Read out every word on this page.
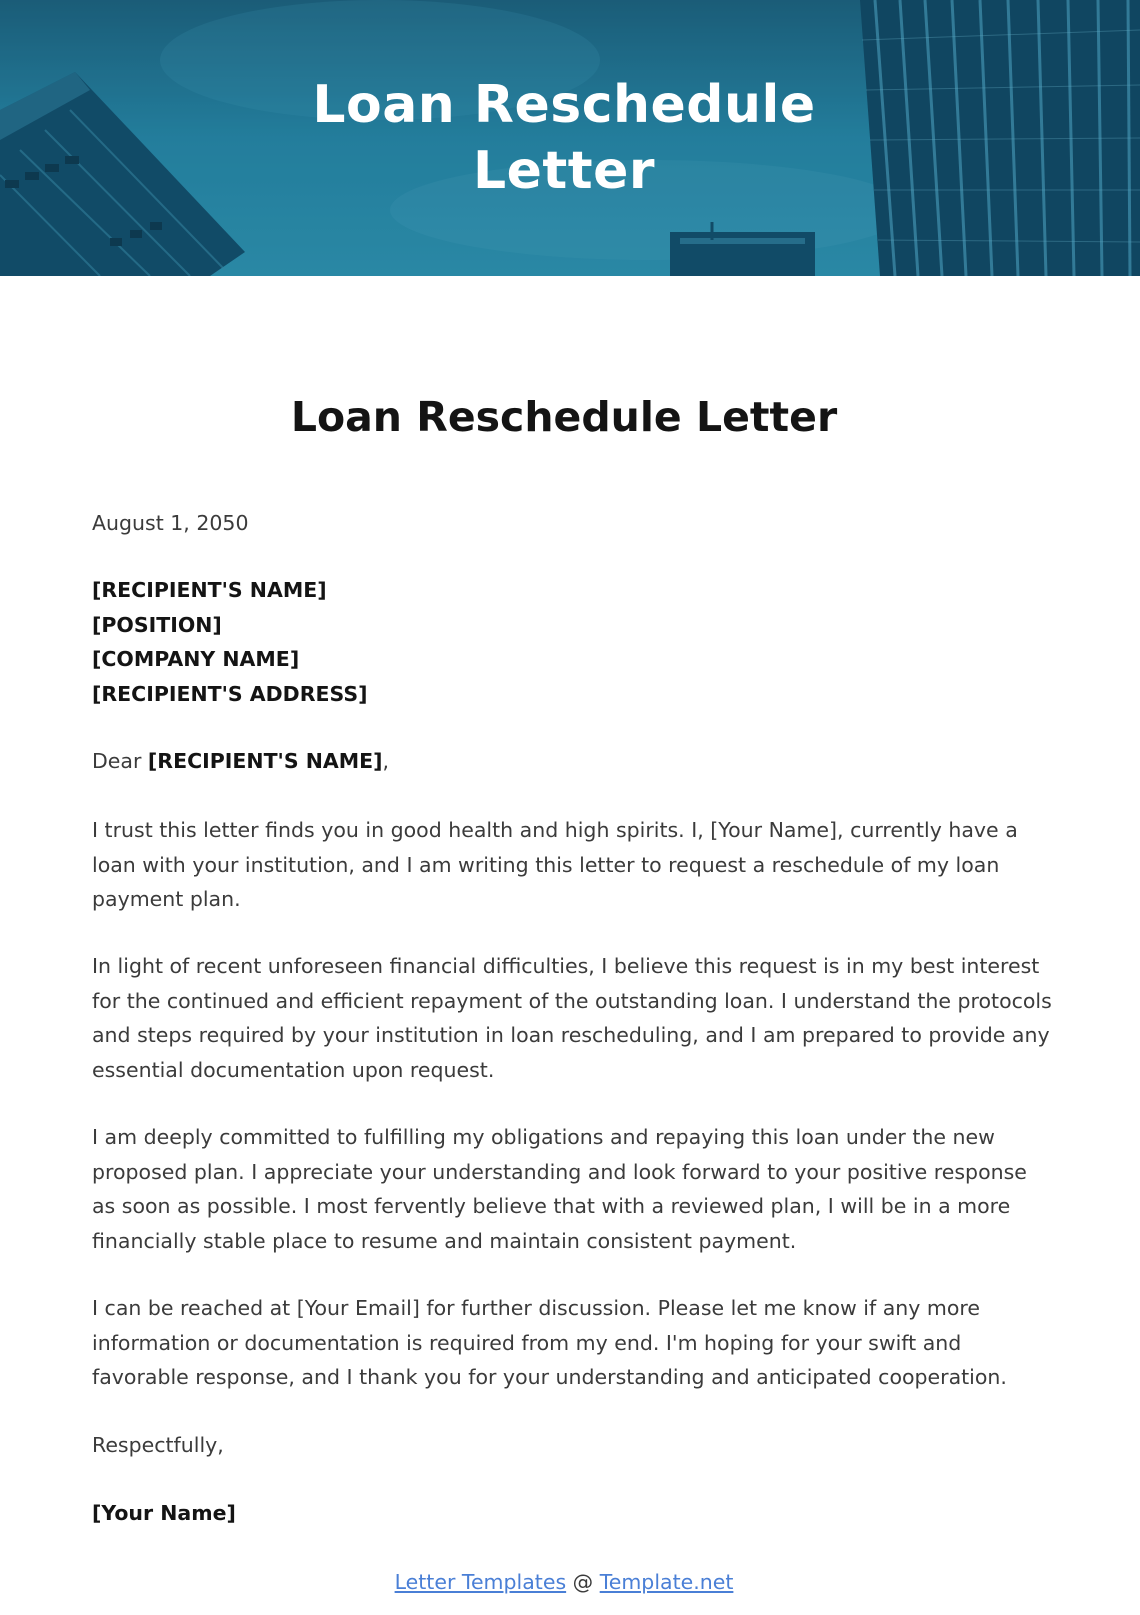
Loan Reschedule
Letter
Loan Reschedule Letter
August 1, 2050

[RECIPIENT'S NAME]

[POSITION]

[COMPANY NAME]

[RECIPIENT'S ADDRESS]

Dear [RECIPIENT'S NAME],
I trust this letter finds you in good health and high spirits. I, [Your Name], currently have a loan with your institution, and I am writing this letter to request a reschedule of my loan payment plan.
In light of recent unforeseen financial difficulties, I believe this request is in my best interest for the continued and efficient repayment of the outstanding loan. I understand the protocols and steps required by your institution in loan rescheduling, and I am prepared to provide any essential documentation upon request.
I am deeply committed to fulfilling my obligations and repaying this loan under the new proposed plan. I appreciate your understanding and look forward to your positive response as soon as possible. I most fervently believe that with a reviewed plan, I will be in a more financially stable place to resume and maintain consistent payment.
I can be reached at [Your Email] for further discussion. Please let me know if any more information or documentation is required from my end. I'm hoping for your swift and favorable response, and I thank you for your understanding and anticipated cooperation.
Respectfully,
[Your Name]
Letter Templates @ Template.net
